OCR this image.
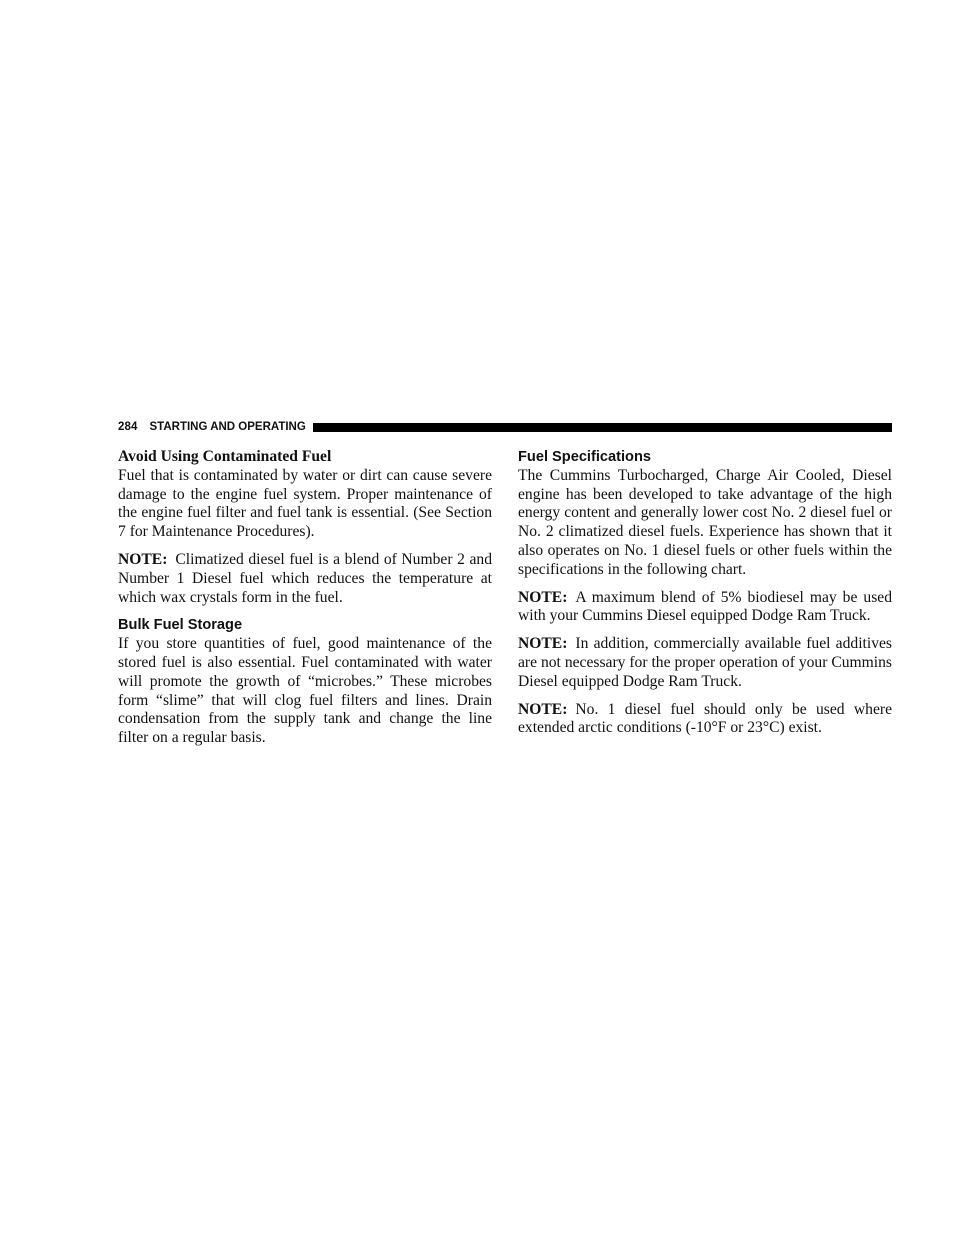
284 STARTING AND OPERATING
Avoid Using Contaminated Fuel

Fuel that is contaminated by water or dirt can cause severe damage to the engine fuel system. Proper maintenance of the engine fuel filter and fuel tank is essential. (See Section 7 for Maintenance Procedures).

NOTE: Climatized diesel fuel is a blend of Number 2 and Number 1 Diesel fuel which reduces the temperature at which wax crystals form in the fuel.

Bulk Fuel Storage

If you store quantities of fuel, good maintenance of the stored fuel is also essential. Fuel contaminated with water will promote the growth of “microbes.” These microbes form “slime” that will clog fuel filters and lines. Drain condensation from the supply tank and change the line filter on a regular basis.

Fuel Specifications

The Cummins Turbocharged, Charge Air Cooled, Diesel engine has been developed to take advantage of the high energy content and generally lower cost No. 2 diesel fuel or No. 2 climatized diesel fuels. Experience has shown that it also operates on No. 1 diesel fuels or other fuels within the specifications in the following chart.

NOTE: A maximum blend of 5% biodiesel may be used with your Cummins Diesel equipped Dodge Ram Truck.

NOTE: In addition, commercially available fuel additives are not necessary for the proper operation of your Cummins Diesel equipped Dodge Ram Truck.

NOTE: No. 1 diesel fuel should only be used where extended arctic conditions (-10°F or 23°C) exist.
